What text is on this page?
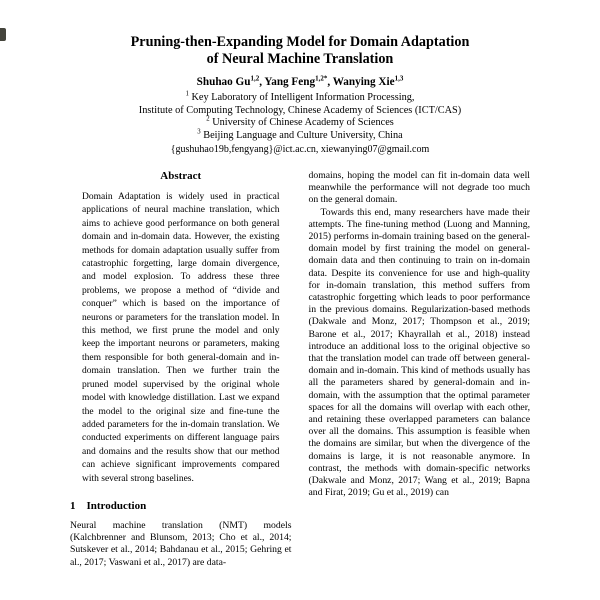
Pruning-then-Expanding Model for Domain Adaptation
of Neural Machine Translation
Shuhao Gu$^{1,2}$, Yang Feng$^{1,2*}$, Wanying Xie$^{1,3}$
$^1$ Key Laboratory of Intelligent Information Processing,
Institute of Computing Technology, Chinese Academy of Sciences (ICT/CAS)
$^2$ University of Chinese Academy of Sciences
$^3$ Beijing Language and Culture University, China
{gushuhao19b,fengyang}@ict.ac.cn, xiewanying07@gmail.com
Abstract

Domain Adaptation is widely used in practical applications of neural machine translation, which aims to achieve good performance on both general domain and in-domain data. However, the existing methods for domain adaptation usually suffer from catastrophic forgetting, large domain divergence, and model explosion. To address these three problems, we propose a method of “divide and conquer” which is based on the importance of neurons or parameters for the translation model. In this method, we first prune the model and only keep the important neurons or parameters, making them responsible for both general-domain and in-domain translation. Then we further train the pruned model supervised by the original whole model with knowledge distillation. Last we expand the model to the original size and fine-tune the added parameters for the in-domain translation. We conducted experiments on different language pairs and domains and the results show that our method can achieve significant improvements compared with several strong baselines.

1 Introduction

Neural machine translation (NMT) models (Kalchbrenner and Blunsom, 2013; Cho et al., 2014; Sutskever et al., 2014; Bahdanau et al., 2015; Gehring et al., 2017; Vaswani et al., 2017) are data-

domains, hoping the model can fit in-domain data well meanwhile the performance will not degrade too much on the general domain.

Towards this end, many researchers have made their attempts. The fine-tuning method (Luong and Manning, 2015) performs in-domain training based on the general-domain model by first training the model on general-domain data and then continuing to train on in-domain data. Despite its convenience for use and high-quality for in-domain translation, this method suffers from catastrophic forgetting which leads to poor performance in the previous domains. Regularization-based methods (Dakwale and Monz, 2017; Thompson et al., 2019; Barone et al., 2017; Khayrallah et al., 2018) instead introduce an additional loss to the original objective so that the translation model can trade off between general-domain and in-domain. This kind of methods usually has all the parameters shared by general-domain and in-domain, with the assumption that the optimal parameter spaces for all the domains will overlap with each other, and retaining these overlapped parameters can balance over all the domains. This assumption is feasible when the domains are similar, but when the divergence of the domains is large, it is not reasonable anymore. In contrast, the methods with domain-specific networks (Dakwale and Monz, 2017; Wang et al., 2019; Bapna and Firat, 2019; Gu et al., 2019) can
